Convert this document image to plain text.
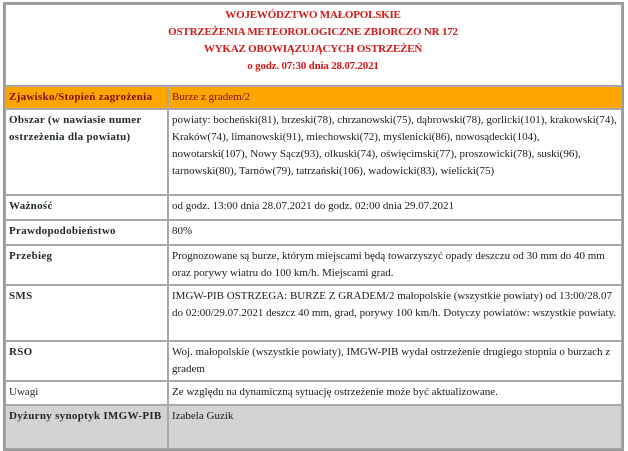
WOJEWÓDZTWO MAŁOPOLSKIE
OSTRZEŻENIA METEOROLOGICZNE ZBIORCZO NR 172
WYKAZ OBOWIĄZUJĄCYCH OSTRZEŻEŃ
o godz. 07:30 dnia 28.07.2021	

Zjawisko/Stopień zagrożenia	Burze z gradem/2
Obszar (w nawiasie numer ostrzeżenia dla powiatu)	powiaty: bocheński(81), brzeski(78), chrzanowski(75), dąbrowski(78), gorlicki(101), krakowski(74), Kraków(74), limanowski(91), miechowski(72), myślenicki(86), nowosądecki(104), nowotarski(107), Nowy Sącz(93), olkuski(74), oświęcimski(77), proszowicki(78), suski(96), tarnowski(80), Tarnów(79), tatrzański(106), wadowicki(83), wielicki(75)
Ważność	od godz. 13:00 dnia 28.07.2021 do godz. 02:00 dnia 29.07.2021
Prawdopodobieństwo	80%
Przebieg	Prognozowane są burze, którym miejscami będą towarzyszyć opady deszczu od 30 mm do 40 mm oraz porywy wiatru do 100 km/h. Miejscami grad.
SMS	IMGW-PIB OSTRZEGA: BURZE Z GRADEM/2 małopolskie (wszystkie powiaty) od 13:00/28.07 do 02:00/29.07.2021 deszcz 40 mm, grad, porywy 100 km/h. Dotyczy powiatów: wszystkie powiaty.
RSO	Woj. małopolskie (wszystkie powiaty), IMGW-PIB wydał ostrzeżenie drugiego stopnia o burzach z gradem
Uwagi	Ze względu na dynamiczną sytuację ostrzeżenie może być aktualizowane.
Dyżurny synoptyk IMGW-PIB	Izabela Guzik
